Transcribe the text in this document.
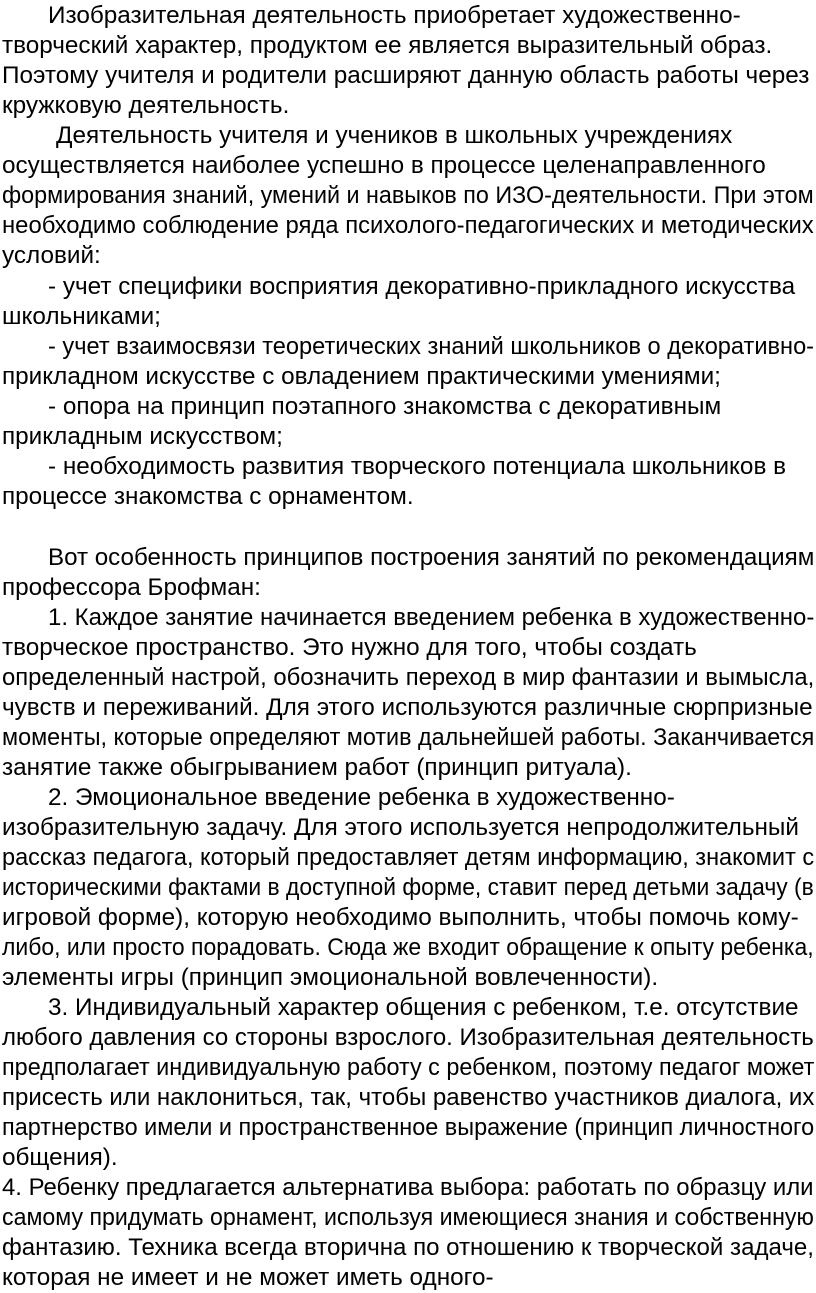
Изобразительная деятельность приобретает художественно-
творческий характер, продуктом ее является выразительный образ.
Поэтому учителя и родители расширяют данную область работы через
кружковую деятельность.
Деятельность учителя и учеников в школьных учреждениях
осуществляется наиболее успешно в процессе целенаправленного
формирования знаний, умений и навыков по ИЗО-деятельности. При этом
необходимо соблюдение ряда психолого-педагогических и методических
условий:
- учет специфики восприятия декоративно-прикладного искусства
школьниками;
- учет взаимосвязи теоретических знаний школьников о декоративно-
прикладном искусстве с овладением практическими умениями;
- опора на принцип поэтапного знакомства с декоративным
прикладным искусством;
- необходимость развития творческого потенциала школьников в
процессе знакомства с орнаментом.
Вот особенность принципов построения занятий по рекомендациям
профессора Брофман:
1. Каждое занятие начинается введением ребенка в художественно-
творческое пространство. Это нужно для того, чтобы создать
определенный настрой, обозначить переход в мир фантазии и вымысла,
чувств и переживаний. Для этого используются различные сюрпризные
моменты, которые определяют мотив дальнейшей работы. Заканчивается
занятие также обыгрыванием работ (принцип ритуала).
2. Эмоциональное введение ребенка в художественно-
изобразительную задачу. Для этого используется непродолжительный
рассказ педагога, который предоставляет детям информацию, знакомит с
историческими фактами в доступной форме, ставит перед детьми задачу (в
игровой форме), которую необходимо выполнить, чтобы помочь кому-
либо, или просто порадовать. Сюда же входит обращение к опыту ребенка,
элементы игры (принцип эмоциональной вовлеченности).
3. Индивидуальный характер общения с ребенком, т.е. отсутствие
любого давления со стороны взрослого. Изобразительная деятельность
предполагает индивидуальную работу с ребенком, поэтому педагог может
присесть или наклониться, так, чтобы равенство участников диалога, их
партнерство имели и пространственное выражение (принцип личностного
общения).
4. Ребенку предлагается альтернатива выбора: работать по образцу или
самому придумать орнамент, используя имеющиеся знания и собственную
фантазию. Техника всегда вторична по отношению к творческой задаче,
которая не имеет и не может иметь одного-
